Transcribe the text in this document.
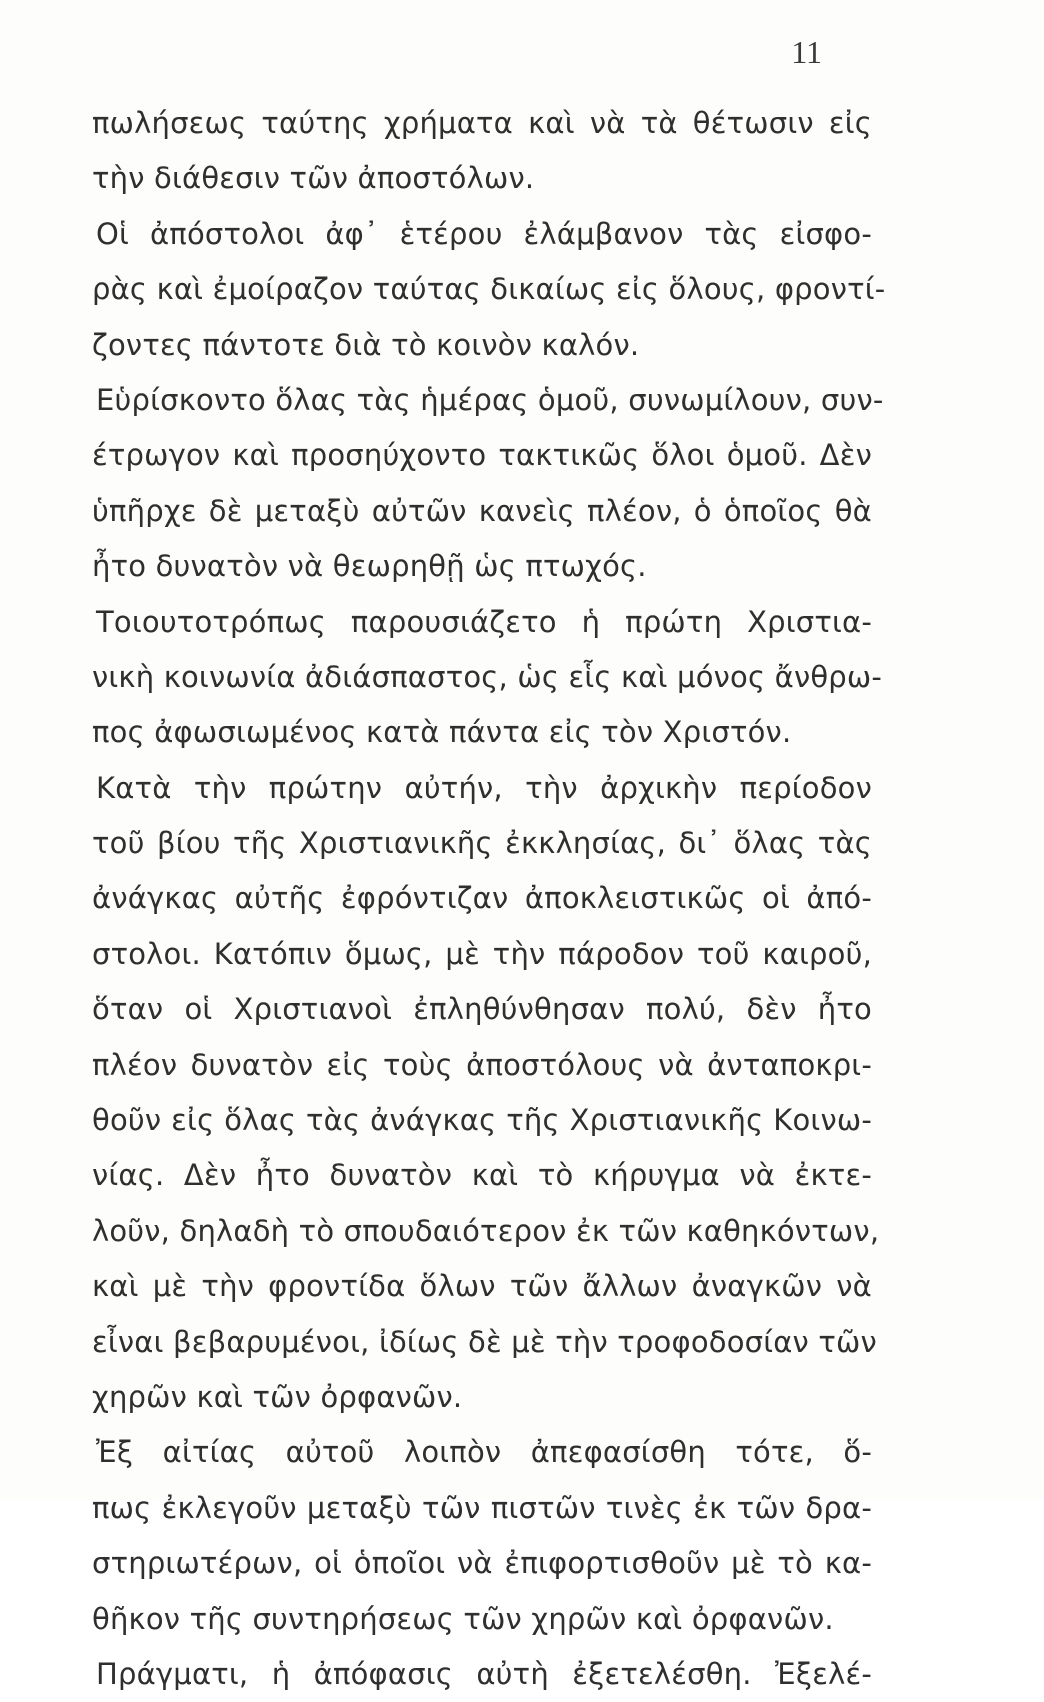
11
πωλήσεως ταύτης χρήματα καὶ νὰ τὰ θέτωσιν εἰς
τὴν διάθεσιν τῶν ἀποστόλων.
Οἱ ἀπόστολοι ἀφ᾽ ἑτέρου ἐλάμβανον τὰς εἰσφο-
ρὰς καὶ ἐμοίραζον ταύτας δικαίως εἰς ὅλους, φροντί-
ζοντες πάντοτε διὰ τὸ κοινὸν καλόν.
Εὑρίσκοντο ὅλας τὰς ἡμέρας ὁμοῦ, συνωμίλουν, συν-
έτρωγον καὶ προσηύχοντο τακτικῶς ὅλοι ὁμοῦ. Δὲν
ὑπῆρχε δὲ μεταξὺ αὐτῶν κανεὶς πλέον, ὁ ὁποῖος θὰ
ἦτο δυνατὸν νὰ θεωρηθῇ ὡς πτωχός.
Τοιουτοτρόπως παρουσιάζετο ἡ πρώτη Χριστια-
νικὴ κοινωνία ἀδιάσπαστος, ὡς εἷς καὶ μόνος ἄνθρω-
πος ἀφωσιωμένος κατὰ πάντα εἰς τὸν Χριστόν.
Κατὰ τὴν πρώτην αὐτήν, τὴν ἀρχικὴν περίοδον
τοῦ βίου τῆς Χριστιανικῆς ἐκκλησίας, δι᾽ ὅλας τὰς
ἀνάγκας αὐτῆς ἐφρόντιζαν ἀποκλειστικῶς οἱ ἀπό-
στολοι. Κατόπιν ὅμως, μὲ τὴν πάροδον τοῦ καιροῦ,
ὅταν οἱ Χριστιανοὶ ἐπληθύνθησαν πολύ, δὲν ἦτο
πλέον δυνατὸν εἰς τοὺς ἀποστόλους νὰ ἀνταποκρι-
θοῦν εἰς ὅλας τὰς ἀνάγκας τῆς Χριστιανικῆς Κοινω-
νίας. Δὲν ἦτο δυνατὸν καὶ τὸ κήρυγμα νὰ ἐκτε-
λοῦν, δηλαδὴ τὸ σπουδαιότερον ἐκ τῶν καθηκόντων,
καὶ μὲ τὴν φροντίδα ὅλων τῶν ἄλλων ἀναγκῶν νὰ
εἶναι βεβαρυμένοι, ἰδίως δὲ μὲ τὴν τροφοδοσίαν τῶν
χηρῶν καὶ τῶν ὀρφανῶν.
Ἐξ αἰτίας αὐτοῦ λοιπὸν ἀπεφασίσθη τότε, ὅ-
πως ἐκλεγοῦν μεταξὺ τῶν πιστῶν τινὲς ἐκ τῶν δρα-
στηριωτέρων, οἱ ὁποῖοι νὰ ἐπιφορτισθοῦν μὲ τὸ κα-
θῆκον τῆς συντηρήσεως τῶν χηρῶν καὶ ὀρφανῶν.
Πράγματι, ἡ ἀπόφασις αὐτὴ ἐξετελέσθη. Ἐξελέ-
